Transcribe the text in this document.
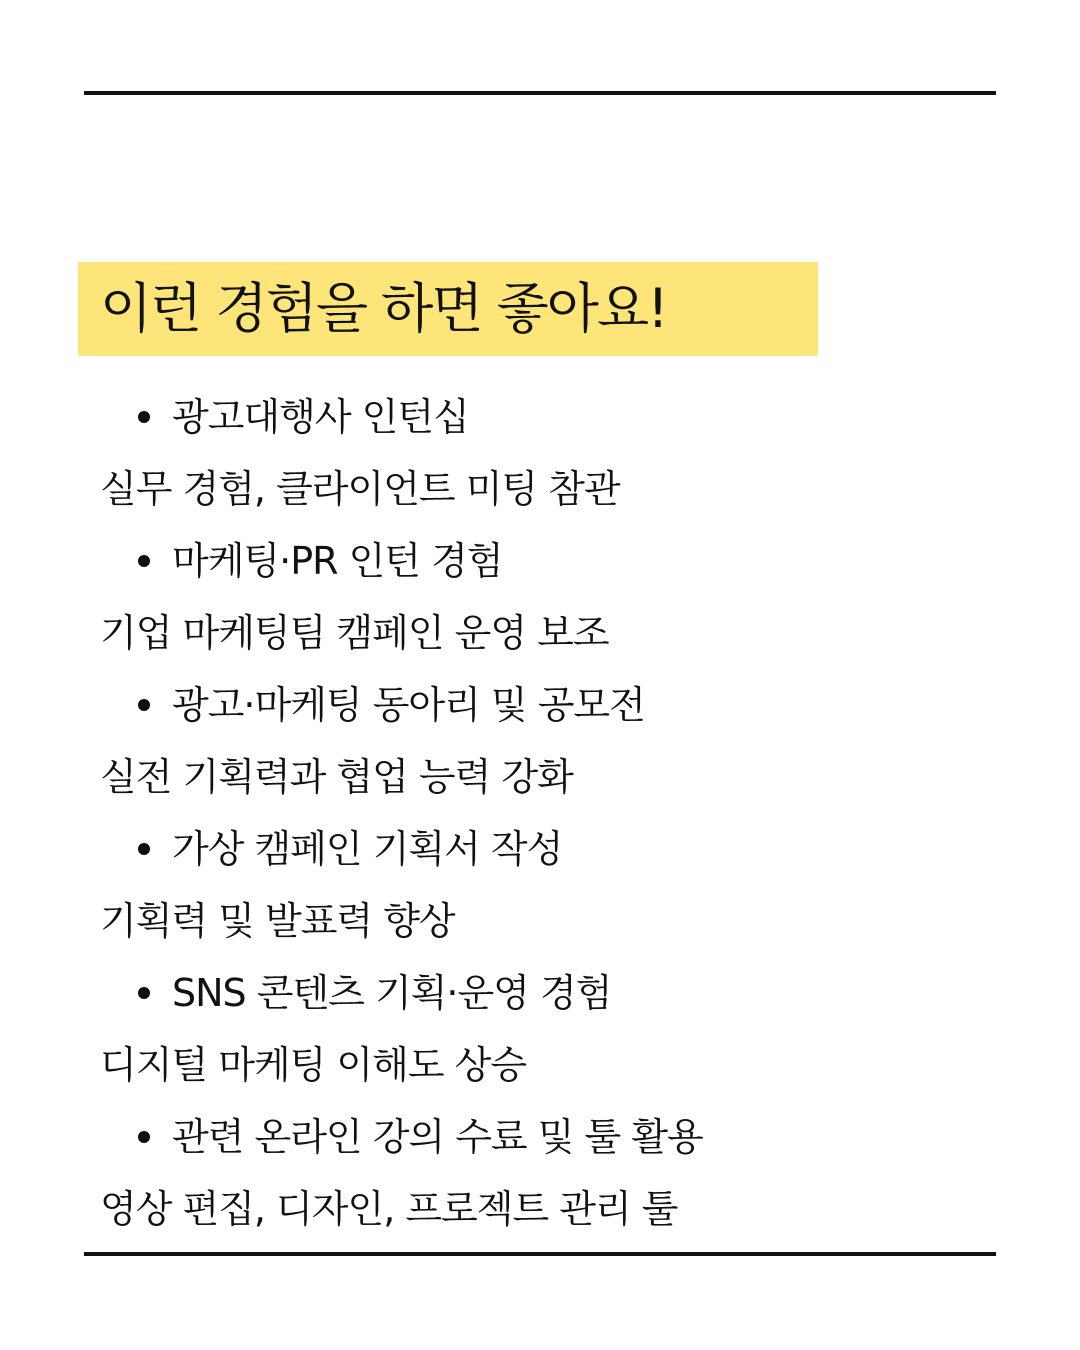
이런 경험을 하면 좋아요!
광고대행사 인턴십
실무 경험, 클라이언트 미팅 참관
마케팅·PR 인턴 경험
기업 마케팅팀 캠페인 운영 보조
광고·마케팅 동아리 및 공모전
실전 기획력과 협업 능력 강화
가상 캠페인 기획서 작성
기획력 및 발표력 향상
SNS 콘텐츠 기획·운영 경험
디지털 마케팅 이해도 상승
관련 온라인 강의 수료 및 툴 활용
영상 편집, 디자인, 프로젝트 관리 툴
